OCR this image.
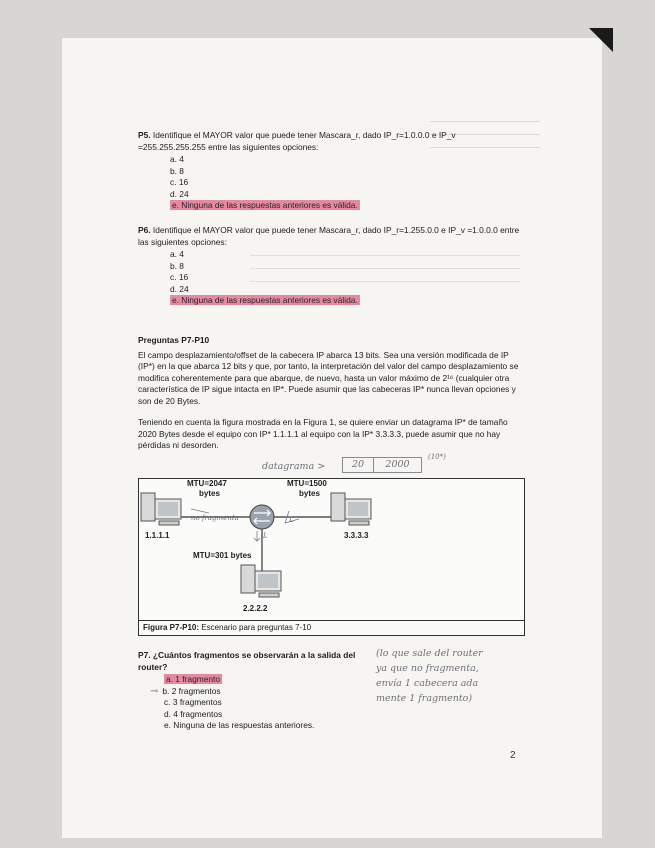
P5. Identifique el MAYOR valor que puede tener Mascara_r, dado IP_r=1.0.0.0 e IP_v =255.255.255.255 entre las siguientes opciones:
a. 4
b. 8
c. 16
d. 24
e. Ninguna de las respuestas anteriores es válida.
P6. Identifique el MAYOR valor que puede tener Mascara_r, dado IP_r=1.255.0.0 e IP_v =1.0.0.0 entre las siguientes opciones:
a. 4
b. 8
c. 16
d. 24
e. Ninguna de las respuestas anteriores es válida.
Preguntas P7-P10
El campo desplazamiento/offset de la cabecera IP abarca 13 bits. Sea una versión modificada de IP (IP*) en la que abarca 12 bits y que, por tanto, la interpretación del valor del campo desplazamiento se modifica coherentemente para que abarque, de nuevo, hasta un valor máximo de 2¹⁶ (cualquier otra característica de IP sigue intacta en IP*. Puede asumir que las cabeceras IP* nunca llevan opciones y son de 20 Bytes.
Teniendo en cuenta la figura mostrada en la Figura 1, se quiere enviar un datagrama IP* de tamaño 2020 Bytes desde el equipo con IP* 1.1.1.1 al equipo con la IP* 3.3.3.3, puede asumir que no hay pérdidas ni desorden.
datagrama >	20	2000
(10*)
MTU=2047
bytes
MTU=1500
bytes
MTU=301 bytes
1.1.1.1	3.3.3.3
2.2.2.2
no fragmenta	L
L
Figura P7-P10: Escenario para preguntas 7-10
P7. ¿Cuántos fragmentos se observarán a la salida del router?
a. 1 fragmento
→ b. 2 fragmentos
c. 3 fragmentos
d. 4 fragmentos
e. Ninguna de las respuestas anteriores.
(lo que sale del router
ya que no fragmenta,
envía 1 cabecera ada
mente 1 fragmento)
2
